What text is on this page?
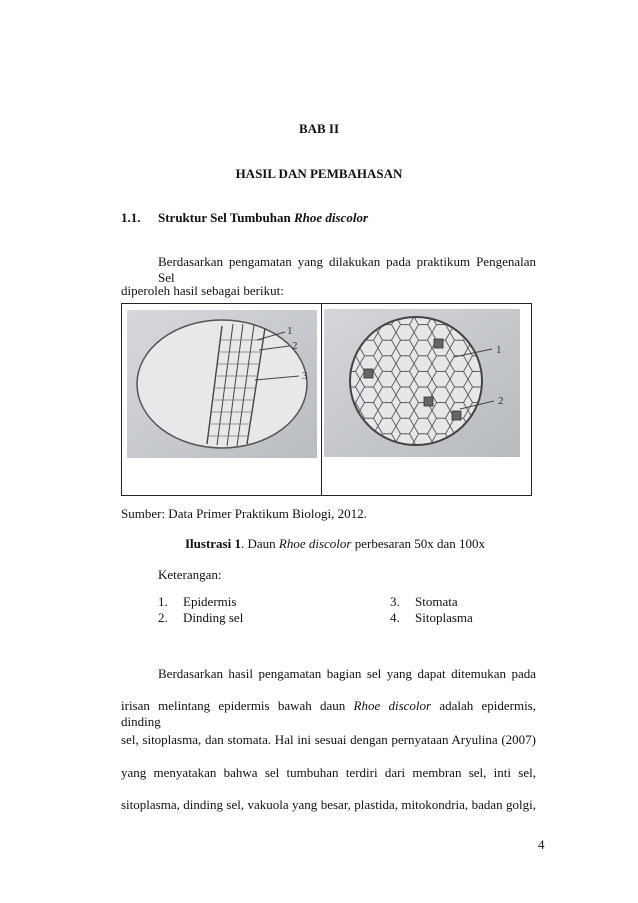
BAB II
HASIL DAN PEMBAHASAN
1.1. Struktur Sel Tumbuhan Rhoe discolor
Berdasarkan pengamatan yang dilakukan pada praktikum Pengenalan Sel
diperoleh hasil sebagai berikut:
1
2
3
1
2
Sumber: Data Primer Praktikum Biologi, 2012.
Ilustrasi 1. Daun Rhoe discolor perbesaran 50x dan 100x
Keterangan:
1. Epidermis
2. Dinding sel
3. Stomata
4. Sitoplasma
Berdasarkan hasil pengamatan bagian sel yang dapat ditemukan pada
irisan melintang epidermis bawah daun Rhoe discolor adalah epidermis, dinding
sel, sitoplasma, dan stomata. Hal ini sesuai dengan pernyataan Aryulina (2007)
yang menyatakan bahwa sel tumbuhan terdiri dari membran sel, inti sel,
sitoplasma, dinding sel, vakuola yang besar, plastida, mitokondria, badan golgi,
4
